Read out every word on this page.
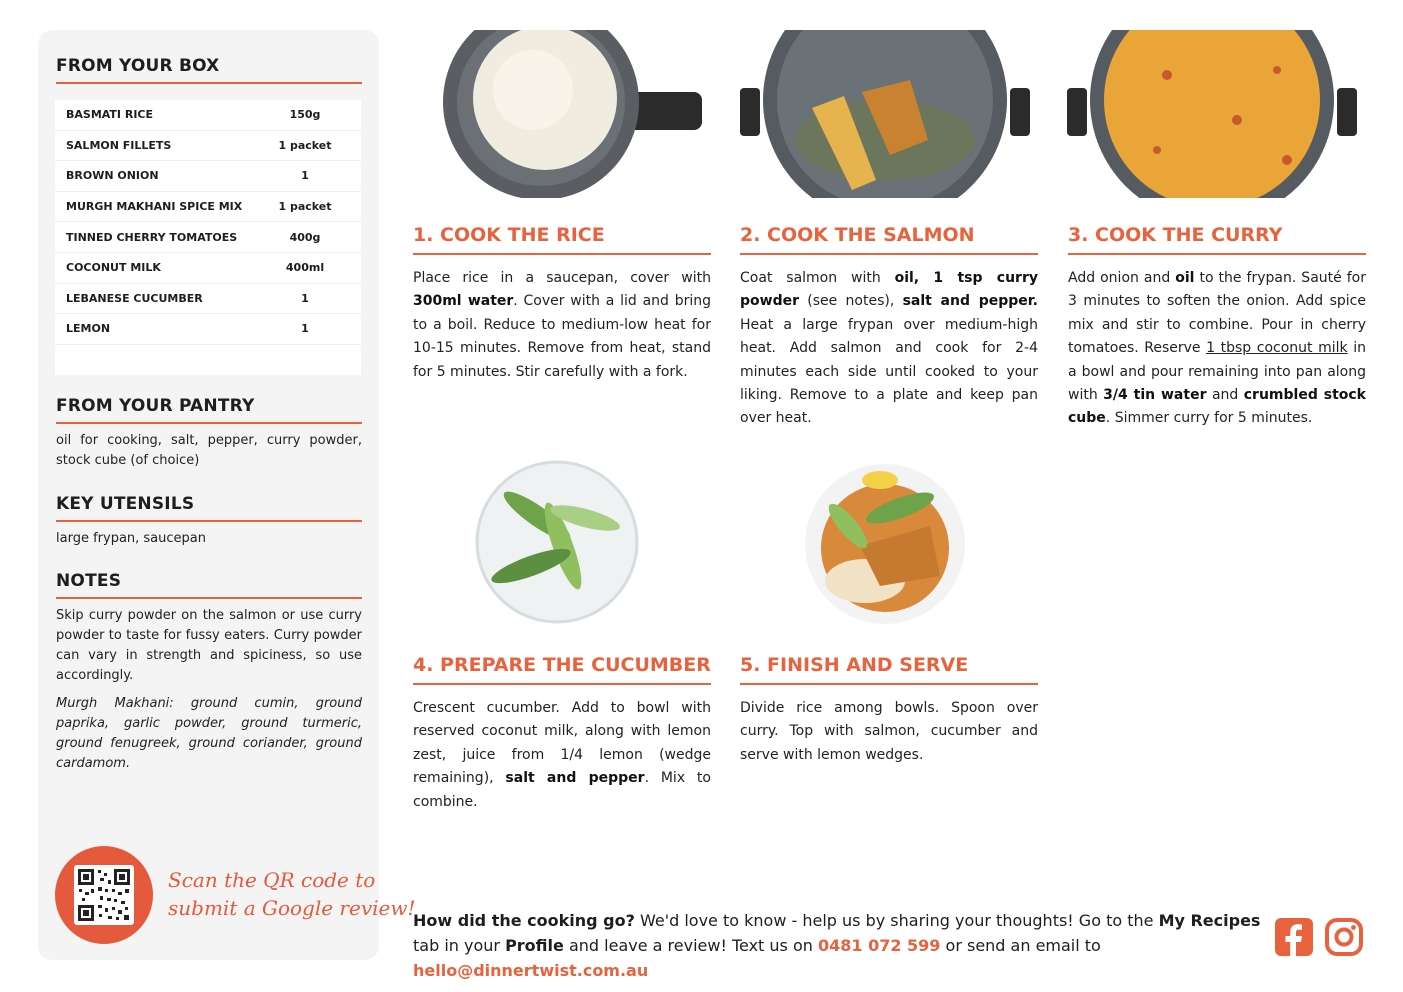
FROM YOUR BOX
BASMATI RICE	150g
SALMON FILLETS	1 packet
BROWN ONION	1
MURGH MAKHANI SPICE MIX	1 packet
TINNED CHERRY TOMATOES	400g
COCONUT MILK	400ml
LEBANESE CUCUMBER	1
LEMON	1
FROM YOUR PANTRY
oil for cooking, salt, pepper, curry powder, stock cube (of choice)
KEY UTENSILS
large frypan, saucepan
NOTES
Skip curry powder on the salmon or use curry powder to taste for fussy eaters. Curry powder can vary in strength and spiciness, so use accordingly.
Murgh Makhani: ground cumin, ground paprika, garlic powder, ground turmeric, ground fenugreek, ground coriander, ground cardamom.
Scan the QR code to
submit a Google review!
1. COOK THE RICE
Place rice in a saucepan, cover with 300ml water. Cover with a lid and bring to a boil. Reduce to medium-low heat for 10-15 minutes. Remove from heat, stand for 5 minutes. Stir carefully with a fork.
2. COOK THE SALMON
Coat salmon with oil, 1 tsp curry powder (see notes), salt and pepper. Heat a large frypan over medium-high heat. Add salmon and cook for 2-4 minutes each side until cooked to your liking. Remove to a plate and keep pan over heat.
3. COOK THE CURRY
Add onion and oil to the frypan. Sauté for 3 minutes to soften the onion. Add spice mix and stir to combine. Pour in cherry tomatoes. Reserve 1 tbsp coconut milk in a bowl and pour remaining into pan along with 3/4 tin water and crumbled stock cube. Simmer curry for 5 minutes.
4. PREPARE THE CUCUMBER
Crescent cucumber. Add to bowl with reserved coconut milk, along with lemon zest, juice from 1/4 lemon (wedge remaining), salt and pepper. Mix to combine.
5. FINISH AND SERVE
Divide rice among bowls. Spoon over curry. Top with salmon, cucumber and serve with lemon wedges.
How did the cooking go? We'd love to know - help us by sharing your thoughts! Go to the My Recipes tab in your Profile and leave a review! Text us on 0481 072 599 or send an email to hello@dinnertwist.com.au
